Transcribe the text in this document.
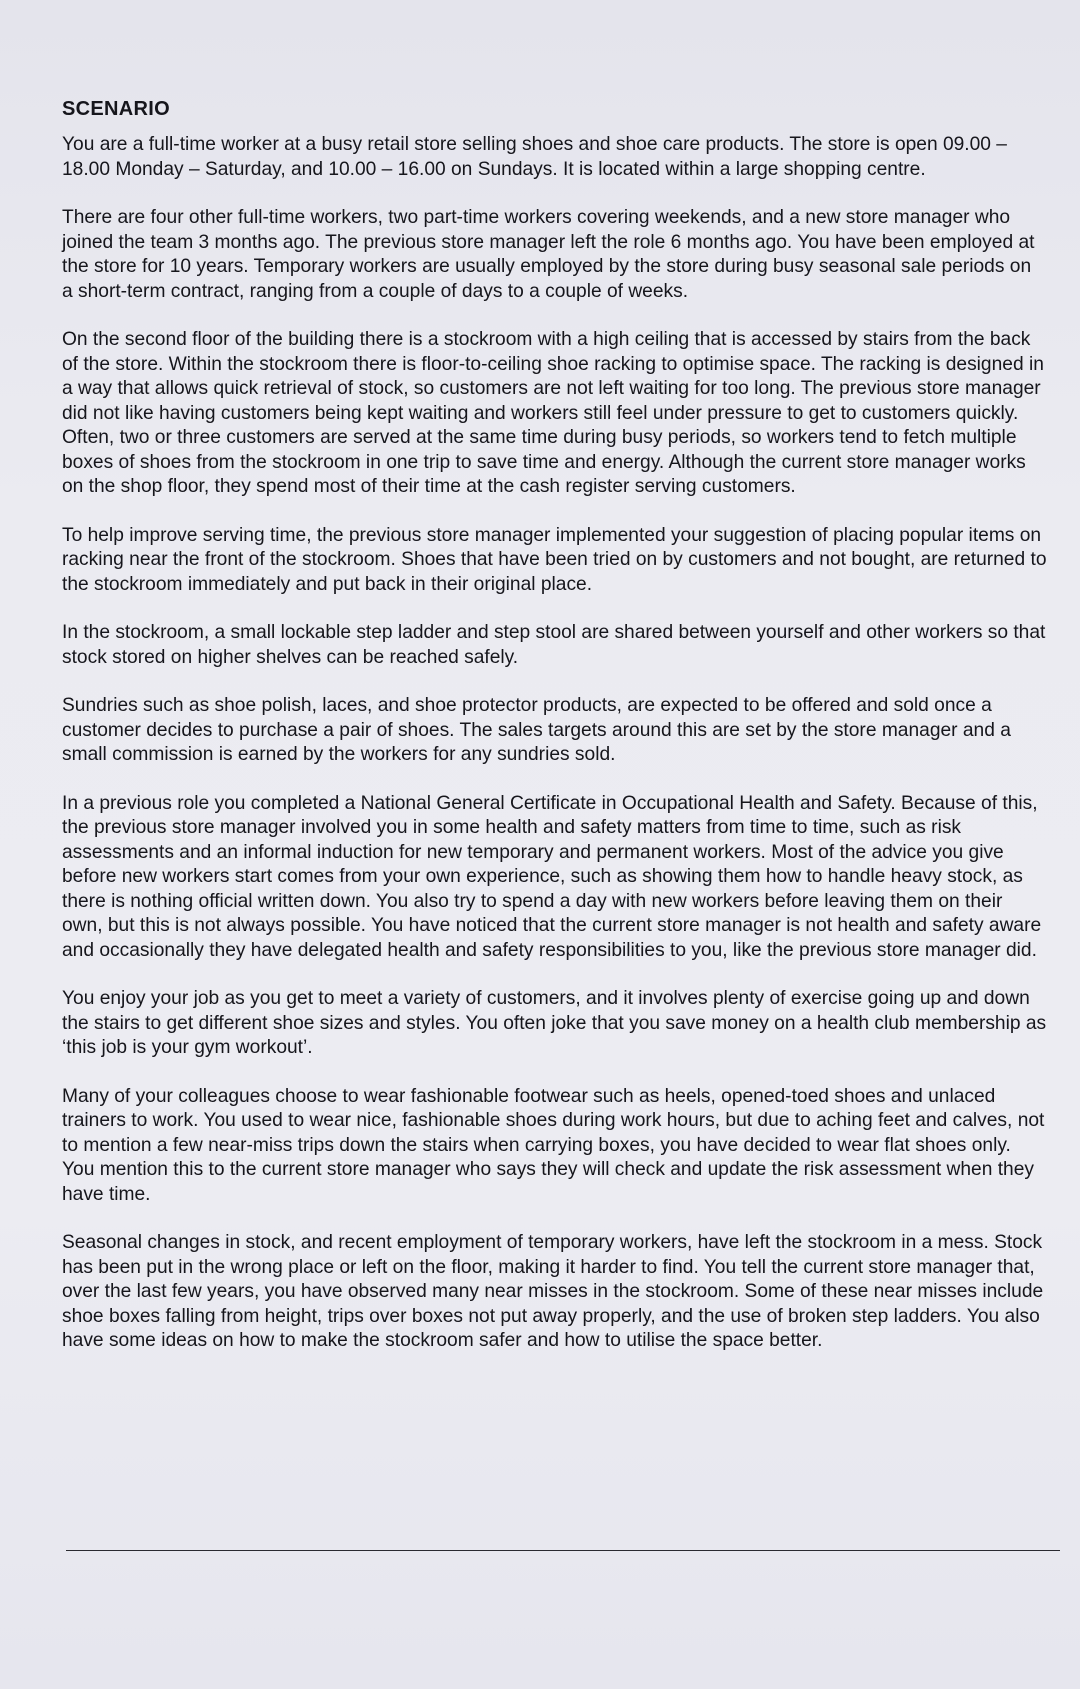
SCENARIO

You are a full-time worker at a busy retail store selling shoes and shoe care products. The store is open 09.00 – 18.00 Monday – Saturday, and 10.00 – 16.00 on Sundays. It is located within a large shopping centre.

There are four other full-time workers, two part-time workers covering weekends, and a new store manager who joined the team 3 months ago. The previous store manager left the role 6 months ago. You have been employed at the store for 10 years. Temporary workers are usually employed by the store during busy seasonal sale periods on a short-term contract, ranging from a couple of days to a couple of weeks.

On the second floor of the building there is a stockroom with a high ceiling that is accessed by stairs from the back of the store. Within the stockroom there is floor-to-ceiling shoe racking to optimise space. The racking is designed in a way that allows quick retrieval of stock, so customers are not left waiting for too long. The previous store manager did not like having customers being kept waiting and workers still feel under pressure to get to customers quickly. Often, two or three customers are served at the same time during busy periods, so workers tend to fetch multiple boxes of shoes from the stockroom in one trip to save time and energy. Although the current store manager works on the shop floor, they spend most of their time at the cash register serving customers.

To help improve serving time, the previous store manager implemented your suggestion of placing popular items on racking near the front of the stockroom. Shoes that have been tried on by customers and not bought, are returned to the stockroom immediately and put back in their original place.

In the stockroom, a small lockable step ladder and step stool are shared between yourself and other workers so that stock stored on higher shelves can be reached safely.

Sundries such as shoe polish, laces, and shoe protector products, are expected to be offered and sold once a customer decides to purchase a pair of shoes. The sales targets around this are set by the store manager and a small commission is earned by the workers for any sundries sold.

In a previous role you completed a National General Certificate in Occupational Health and Safety. Because of this, the previous store manager involved you in some health and safety matters from time to time, such as risk assessments and an informal induction for new temporary and permanent workers. Most of the advice you give before new workers start comes from your own experience, such as showing them how to handle heavy stock, as there is nothing official written down. You also try to spend a day with new workers before leaving them on their own, but this is not always possible. You have noticed that the current store manager is not health and safety aware and occasionally they have delegated health and safety responsibilities to you, like the previous store manager did.

You enjoy your job as you get to meet a variety of customers, and it involves plenty of exercise going up and down the stairs to get different shoe sizes and styles. You often joke that you save money on a health club membership as ‘this job is your gym workout’.

Many of your colleagues choose to wear fashionable footwear such as heels, opened-toed shoes and unlaced trainers to work. You used to wear nice, fashionable shoes during work hours, but due to aching feet and calves, not to mention a few near-miss trips down the stairs when carrying boxes, you have decided to wear flat shoes only. You mention this to the current store manager who says they will check and update the risk assessment when they have time.

Seasonal changes in stock, and recent employment of temporary workers, have left the stockroom in a mess. Stock has been put in the wrong place or left on the floor, making it harder to find. You tell the current store manager that, over the last few years, you have observed many near misses in the stockroom. Some of these near misses include shoe boxes falling from height, trips over boxes not put away properly, and the use of broken step ladders. You also have some ideas on how to make the stockroom safer and how to utilise the space better.
